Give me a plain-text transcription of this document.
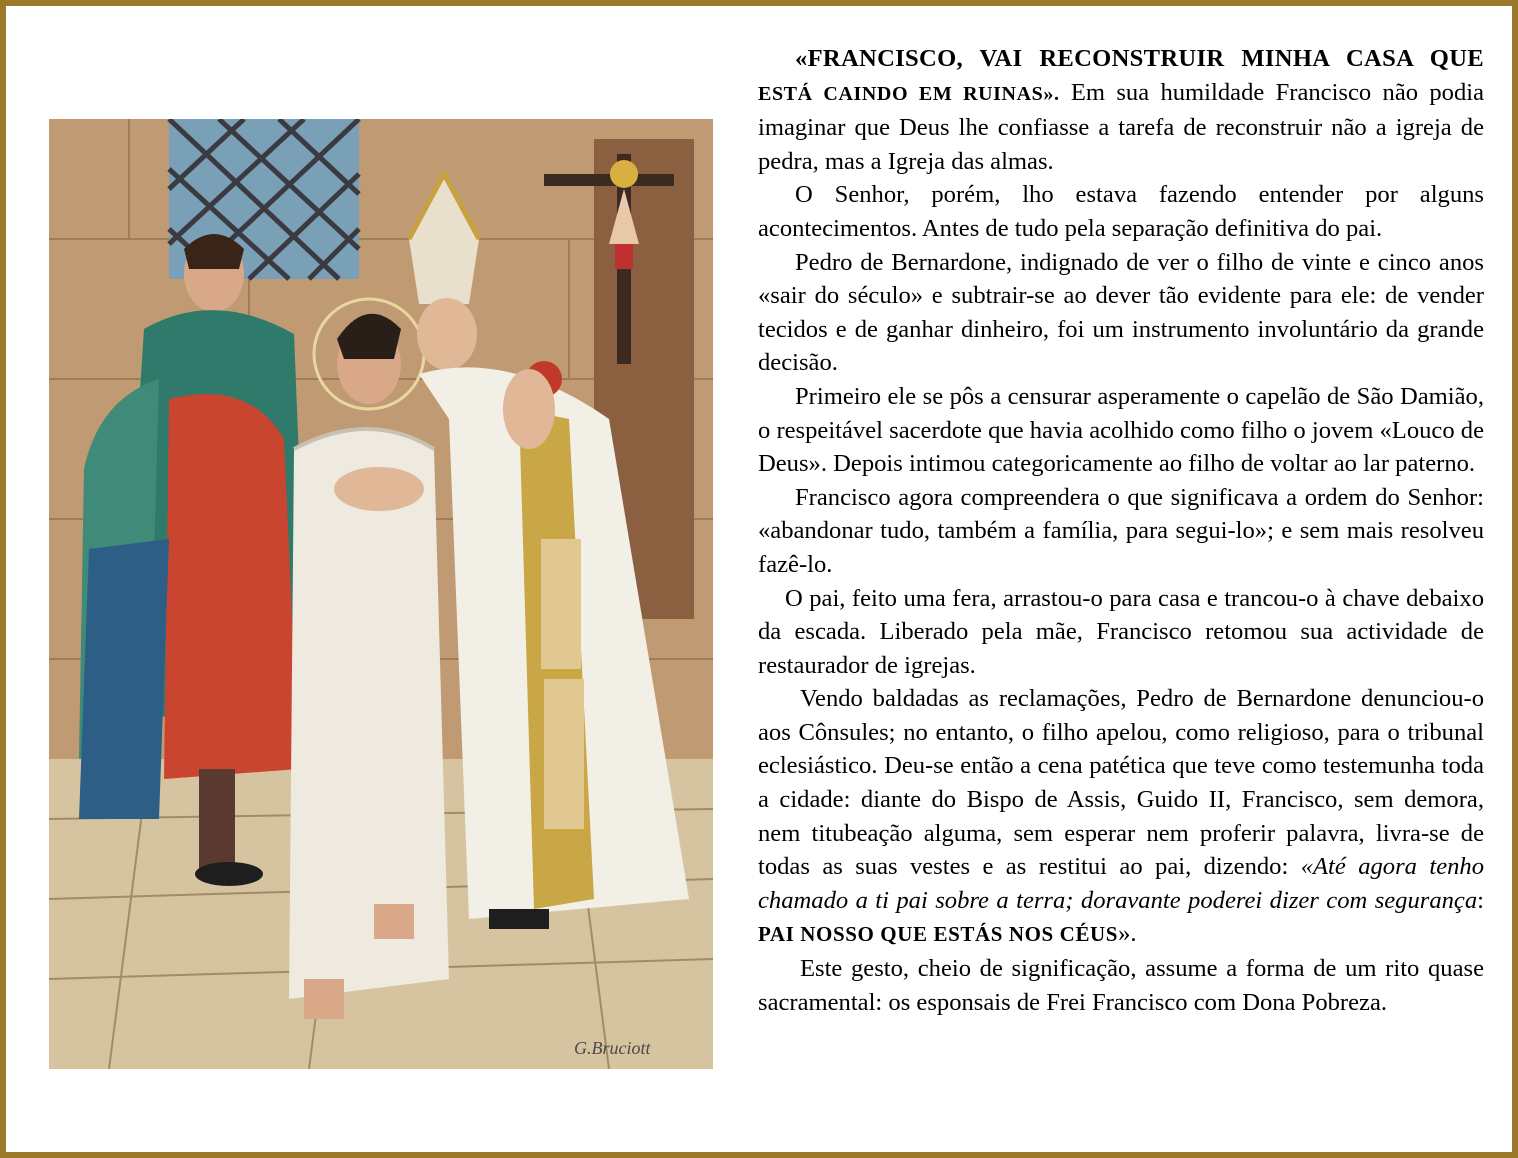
G.Bruciott

«FRANCISCO, VAI RECONSTRUIR MINHA CASA QUE ESTÁ CAINDO EM RUINAS». Em sua humildade Francisco não podia imaginar que Deus lhe confiasse a tarefa de reconstruir não a igreja de pedra, mas a Igreja das almas.

O Senhor, porém, lho estava fazendo entender por alguns acontecimentos. Antes de tudo pela separação definitiva do pai.

Pedro de Bernardone, indignado de ver o filho de vinte e cinco anos «sair do século» e subtrair-se ao dever tão evidente para ele: de vender tecidos e de ganhar dinheiro, foi um instrumento involuntário da grande decisão.

Primeiro ele se pôs a censurar asperamente o capelão de São Damião, o respeitável sacerdote que havia acolhido como filho o jovem «Louco de Deus». Depois intimou categoricamente ao filho de voltar ao lar paterno.

Francisco agora compreendera o que significava a ordem do Senhor: «abandonar tudo, também a família, para segui-lo»; e sem mais resolveu fazê-lo.

O pai, feito uma fera, arrastou-o para casa e trancou-o à chave debaixo da escada. Liberado pela mãe, Francisco retomou sua actividade de restaurador de igrejas.

Vendo baldadas as reclamações, Pedro de Bernardone denunciou-o aos Cônsules; no entanto, o filho apelou, como religioso, para o tribunal eclesiástico. Deu-se então a cena patética que teve como testemunha toda a cidade: diante do Bispo de Assis, Guido II, Francisco, sem demora, nem titubeação alguma, sem esperar nem proferir palavra, livra-se de todas as suas vestes e as restitui ao pai, dizendo: «Até agora tenho chamado a ti pai sobre a terra; doravante poderei dizer com segurança: PAI NOSSO QUE ESTÁS NOS CÉUS».

Este gesto, cheio de significação, assume a forma de um rito quase sacramental: os esponsais de Frei Francisco com Dona Pobreza.
